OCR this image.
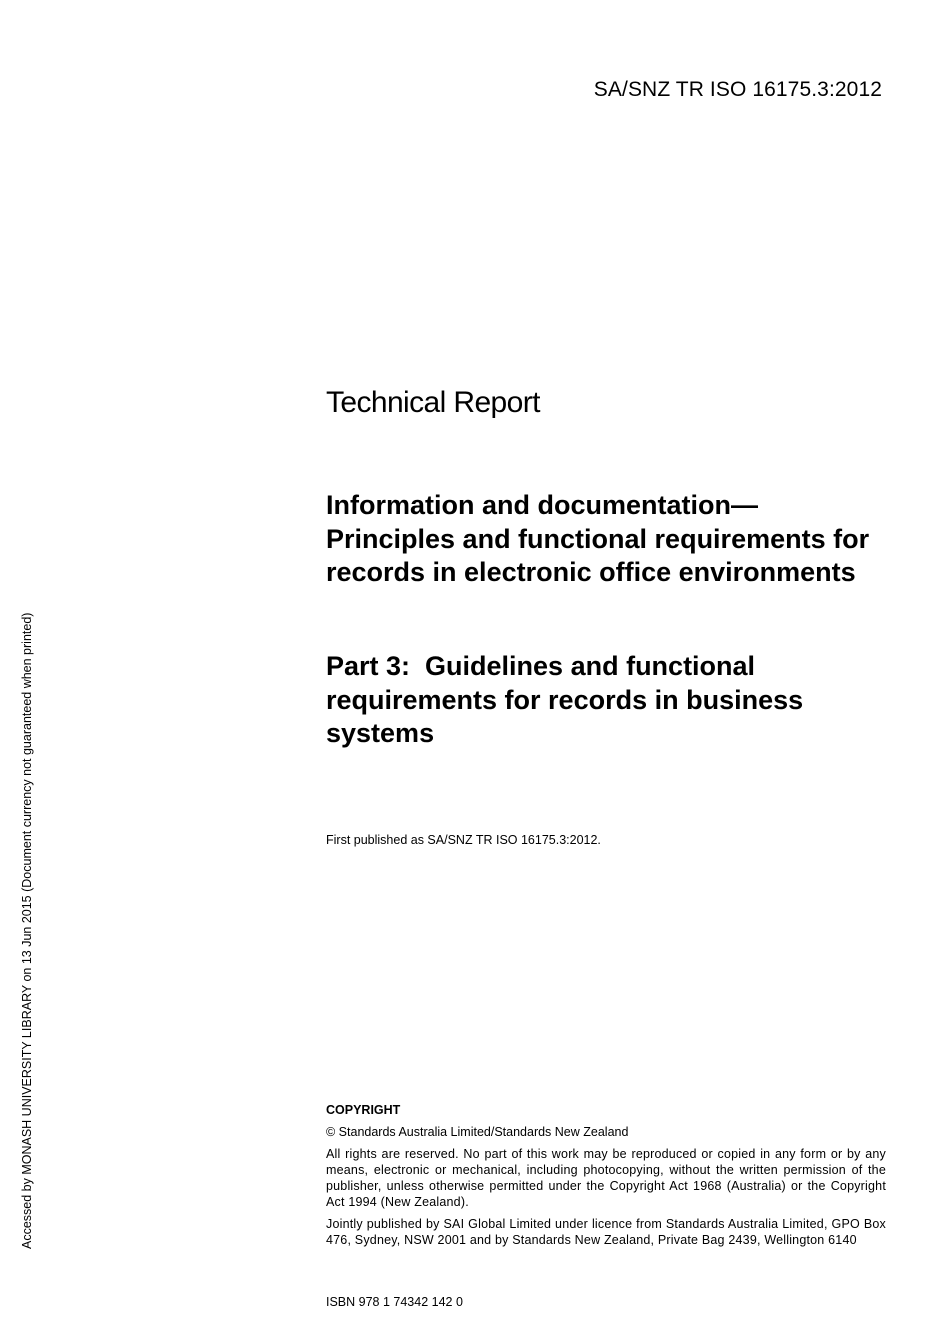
SA/SNZ TR ISO 16175.3:2012
Technical Report
Information and documentation— Principles and functional requirements for records in electronic office environments
Part 3:  Guidelines and functional requirements for records in business systems
First published as SA/SNZ TR ISO 16175.3:2012.
COPYRIGHT
© Standards Australia Limited/Standards New Zealand
All rights are reserved. No part of this work may be reproduced or copied in any form or by any means, electronic or mechanical, including photocopying, without the written permission of the publisher, unless otherwise permitted under the Copyright Act 1968 (Australia) or the Copyright Act 1994 (New Zealand).
Jointly published by SAI Global Limited under licence from Standards Australia Limited, GPO Box 476, Sydney, NSW 2001 and by Standards New Zealand, Private Bag 2439, Wellington 6140
ISBN 978 1 74342 142 0
Accessed by MONASH UNIVERSITY LIBRARY on 13 Jun 2015 (Document currency not guaranteed when printed)
